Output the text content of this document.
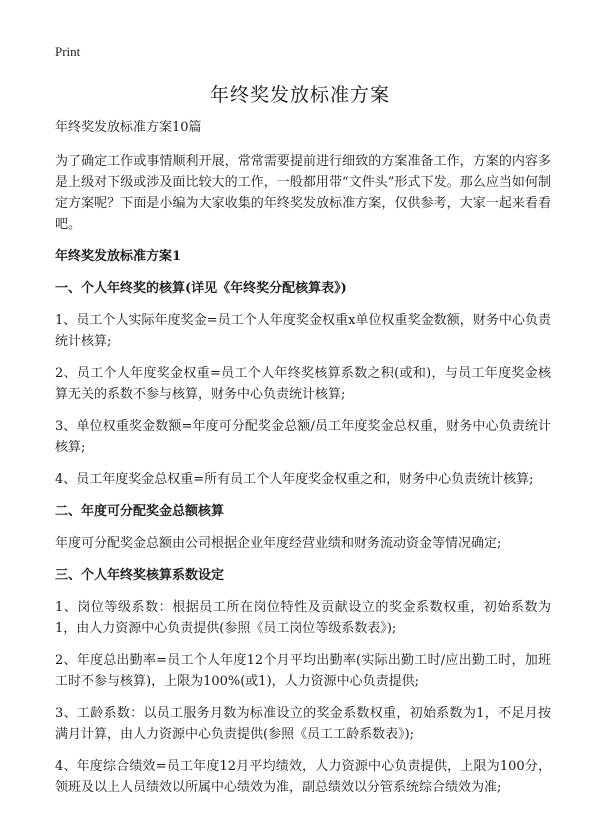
Print
年终奖发放标准方案

年终奖发放标准方案10篇

为了确定工作或事情顺利开展，常常需要提前进行细致的方案准备工作，方案的内容多是上级对下级或涉及面比较大的工作，一般都用带“文件头”形式下发。那么应当如何制定方案呢？下面是小编为大家收集的年终奖发放标准方案，仅供参考，大家一起来看看吧。

年终奖发放标准方案1

一、个人年终奖的核算(详见《年终奖分配核算表》)

1、员工个人实际年度奖金=员工个人年度奖金权重x单位权重奖金数额，财务中心负责统计核算;

2、员工个人年度奖金权重=员工个人年终奖核算系数之积(或和)，与员工年度奖金核算无关的系数不参与核算，财务中心负责统计核算;

3、单位权重奖金数额=年度可分配奖金总额/员工年度奖金总权重，财务中心负责统计核算;

4、员工年度奖金总权重=所有员工个人年度奖金权重之和，财务中心负责统计核算;

二、年度可分配奖金总额核算

年度可分配奖金总额由公司根据企业年度经营业绩和财务流动资金等情况确定;

三、个人年终奖核算系数设定

1、岗位等级系数：根据员工所在岗位特性及贡献设立的奖金系数权重，初始系数为1，由人力资源中心负责提供(参照《员工岗位等级系数表》);

2、年度总出勤率=员工个人年度12个月平均出勤率(实际出勤工时/应出勤工时，加班工时不参与核算)，上限为100%(或1)，人力资源中心负责提供;

3、工龄系数：以员工服务月数为标准设立的奖金系数权重，初始系数为1，不足月按满月计算，由人力资源中心负责提供(参照《员工工龄系数表》);

4、年度综合绩效=员工年度12月平均绩效，人力资源中心负责提供，上限为100分，领班及以上人员绩效以所属中心绩效为准，副总绩效以分管系统综合绩效为准;
